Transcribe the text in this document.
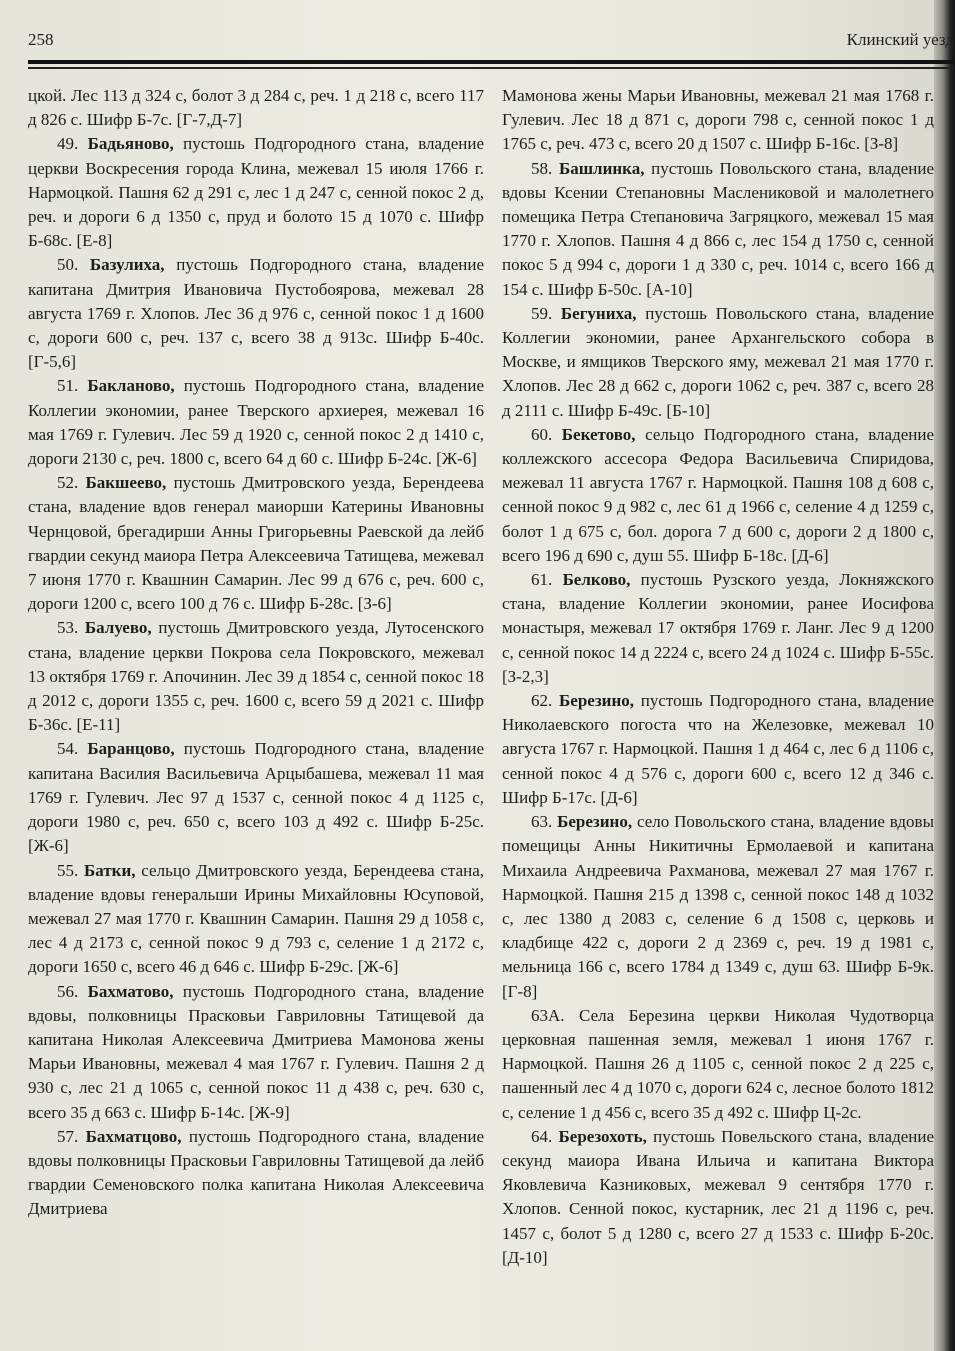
258	Клинский уезд

цкой. Лес 113 д 324 с, болот 3 д 284 с, реч. 1 д 218 с, всего 117 д 826 с. Шифр Б-7с. [Г-7,Д-7]

49. Бадьяново, пустошь Подгородного стана, владение церкви Воскресения города Клина, межевал 15 июля 1766 г. Нармоцкой. Пашня 62 д 291 с, лес 1 д 247 с, сенной покос 2 д, реч. и дороги 6 д 1350 с, пруд и болото 15 д 1070 с. Шифр Б-68с. [Е-8]

50. Базулиха, пустошь Подгородного стана, владение капитана Дмитрия Ивановича Пустобоярова, межевал 28 августа 1769 г. Хлопов. Лес 36 д 976 с, сенной покос 1 д 1600 с, дороги 600 с, реч. 137 с, всего 38 д 913с. Шифр Б-40с. [Г-5,6]

51. Бакланово, пустошь Подгородного стана, владение Коллегии экономии, ранее Тверского архиерея, межевал 16 мая 1769 г. Гулевич. Лес 59 д 1920 с, сенной покос 2 д 1410 с, дороги 2130 с, реч. 1800 с, всего 64 д 60 с. Шифр Б-24с. [Ж-6]

52. Бакшеево, пустошь Дмитровского уезда, Берендеева стана, владение вдов генерал маиорши Катерины Ивановны Чернцовой, брегадирши Анны Григорьевны Раевской да лейб гвардии секунд маиора Петра Алексеевича Татищева, межевал 7 июня 1770 г. Квашнин Самарин. Лес 99 д 676 с, реч. 600 с, дороги 1200 с, всего 100 д 76 с. Шифр Б-28с. [З-6]

53. Балуево, пустошь Дмитровского уезда, Лутосенского стана, владение церкви Покрова села Покровского, межевал 13 октября 1769 г. Апочинин. Лес 39 д 1854 с, сенной покос 18 д 2012 с, дороги 1355 с, реч. 1600 с, всего 59 д 2021 с. Шифр Б-36с. [Е-11]

54. Баранцово, пустошь Подгородного стана, владение капитана Василия Васильевича Арцыбашева, межевал 11 мая 1769 г. Гулевич. Лес 97 д 1537 с, сенной покос 4 д 1125 с, дороги 1980 с, реч. 650 с, всего 103 д 492 с. Шифр Б-25с. [Ж-6]

55. Батки, сельцо Дмитровского уезда, Берендеева стана, владение вдовы генеральши Ирины Михайловны Юсуповой, межевал 27 мая 1770 г. Квашнин Самарин. Пашня 29 д 1058 с, лес 4 д 2173 с, сенной покос 9 д 793 с, селение 1 д 2172 с, дороги 1650 с, всего 46 д 646 с. Шифр Б-29с. [Ж-6]

56. Бахматово, пустошь Подгородного стана, владение вдовы, полковницы Прасковьи Гавриловны Татищевой да капитана Николая Алексеевича Дмитриева Мамонова жены Марьи Ивановны, межевал 4 мая 1767 г. Гулевич. Пашня 2 д 930 с, лес 21 д 1065 с, сенной покос 11 д 438 с, реч. 630 с, всего 35 д 663 с. Шифр Б-14с. [Ж-9]

57. Бахматцово, пустошь Подгородного стана, владение вдовы полковницы Прасковьи Гавриловны Татищевой да лейб гвардии Семеновского полка капитана Николая Алексеевича Дмитриева

Мамонова жены Марьи Ивановны, межевал 21 мая 1768 г. Гулевич. Лес 18 д 871 с, дороги 798 с, сенной покос 1 д 1765 с, реч. 473 с, всего 20 д 1507 с. Шифр Б-16с. [З-8]

58. Башлинка, пустошь Повольского стана, владение вдовы Ксении Степановны Маслениковой и малолетнего помещика Петра Степановича Загряцкого, межевал 15 мая 1770 г. Хлопов. Пашня 4 д 866 с, лес 154 д 1750 с, сенной покос 5 д 994 с, дороги 1 д 330 с, реч. 1014 с, всего 166 д 154 с. Шифр Б-50с. [А-10]

59. Бегуниха, пустошь Повольского стана, владение Коллегии экономии, ранее Архангельского собора в Москве, и ямщиков Тверского яму, межевал 21 мая 1770 г. Хлопов. Лес 28 д 662 с, дороги 1062 с, реч. 387 с, всего 28 д 2111 с. Шифр Б-49с. [Б-10]

60. Бекетово, сельцо Подгородного стана, владение коллежского ассесора Федора Васильевича Спиридова, межевал 11 августа 1767 г. Нармоцкой. Пашня 108 д 608 с, сенной покос 9 д 982 с, лес 61 д 1966 с, селение 4 д 1259 с, болот 1 д 675 с, бол. дорога 7 д 600 с, дороги 2 д 1800 с, всего 196 д 690 с, душ 55. Шифр Б-18с. [Д-6]

61. Белково, пустошь Рузского уезда, Локняжского стана, владение Коллегии экономии, ранее Иосифова монастыря, межевал 17 октября 1769 г. Ланг. Лес 9 д 1200 с, сенной покос 14 д 2224 с, всего 24 д 1024 с. Шифр Б-55с. [З-2,3]

62. Березино, пустошь Подгородного стана, владение Николаевского погоста что на Железовке, межевал 10 августа 1767 г. Нармоцкой. Пашня 1 д 464 с, лес 6 д 1106 с, сенной покос 4 д 576 с, дороги 600 с, всего 12 д 346 с. Шифр Б-17с. [Д-6]

63. Березино, село Повольского стана, владение вдовы помещицы Анны Никитичны Ермолаевой и капитана Михаила Андреевича Рахманова, межевал 27 мая 1767 г. Нармоцкой. Пашня 215 д 1398 с, сенной покос 148 д 1032 с, лес 1380 д 2083 с, селение 6 д 1508 с, церковь и кладбище 422 с, дороги 2 д 2369 с, реч. 19 д 1981 с, мельница 166 с, всего 1784 д 1349 с, душ 63. Шифр Б-9к. [Г-8]

63А. Села Березина церкви Николая Чудотворца церковная пашенная земля, межевал 1 июня 1767 г. Нармоцкой. Пашня 26 д 1105 с, сенной покос 2 д 225 с, пашенный лес 4 д 1070 с, дороги 624 с, лесное болото 1812 с, селение 1 д 456 с, всего 35 д 492 с. Шифр Ц-2с.

64. Березохоть, пустошь Повельского стана, владение секунд маиора Ивана Ильича и капитана Виктора Яковлевича Казниковых, межевал 9 сентября 1770 г. Хлопов. Сенной покос, кустарник, лес 21 д 1196 с, реч. 1457 с, болот 5 д 1280 с, всего 27 д 1533 с. Шифр Б-20с. [Д-10]
